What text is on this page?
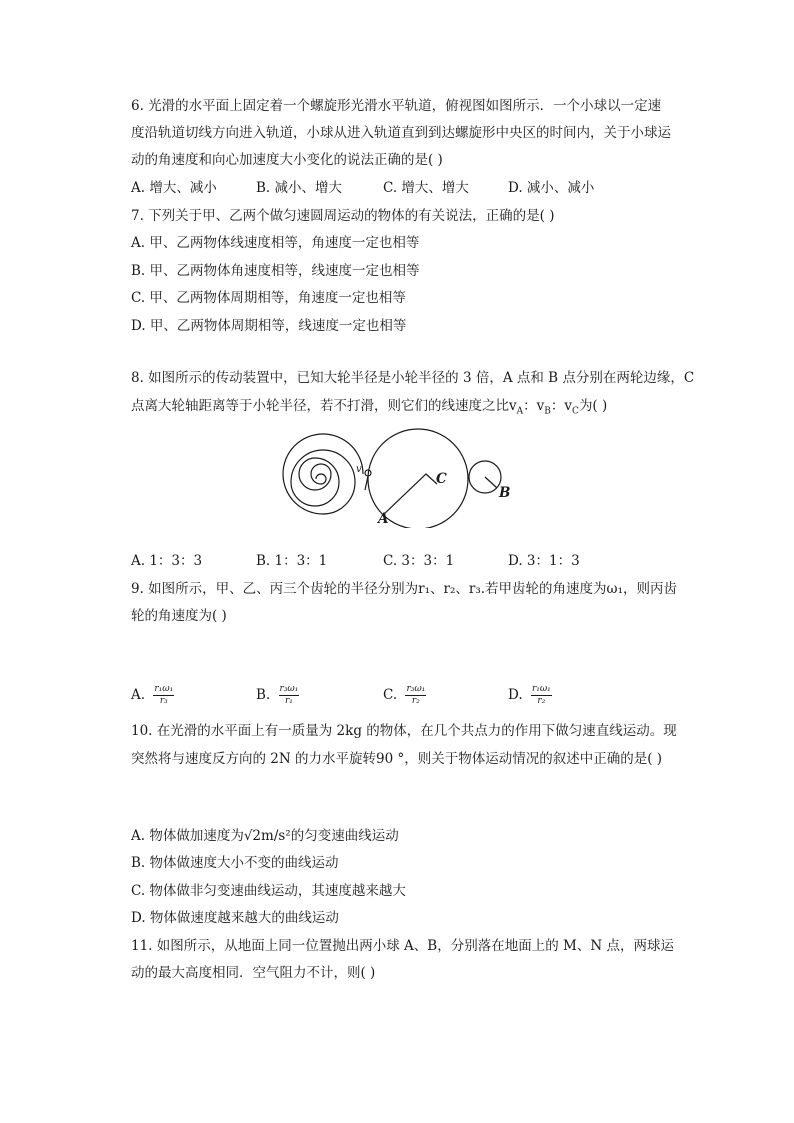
6. 光滑的水平面上固定着一个螺旋形光滑水平轨道，俯视图如图所示．一个小球以一定速
度沿轨道切线方向进入轨道，小球从进入轨道直到到达螺旋形中央区的时间内，关于小球运
动的角速度和向心加速度大小变化的说法正确的是( )
A. 增大、减小	B. 减小、增大	C. 增大、增大	D. 减小、减小
7. 下列关于甲、乙两个做匀速圆周运动的物体的有关说法，正确的是( )
A. 甲、乙两物体线速度相等，角速度一定也相等
B. 甲、乙两物体角速度相等，线速度一定也相等
C. 甲、乙两物体周期相等，角速度一定也相等
D. 甲、乙两物体周期相等，线速度一定也相等
8. 如图所示的传动装置中，已知大轮半径是小轮半径的 3 倍，A 点和 B 点分别在两轮边缘，C
点离大轮轴距离等于小轮半径，若不打滑，则它们的线速度之比$v_A$：$v_B$：$v_C$为( )
v
C
A
B
A. 1：3：3	B. 1：3：1	C. 3：3：1	D. 3：1：3
9. 如图所示，甲、乙、丙三个齿轮的半径分别为r₁、r₂、r₃.若甲齿轮的角速度为ω₁，则丙齿
轮的角速度为( )
A. $\frac{\text{r₁ω₁}}{\text{r₃}}$	B. $\frac{\text{r₃ω₁}}{\text{r₁}}$	C. $\frac{\text{r₃ω₁}}{\text{r₂}}$	D. $\frac{\text{r₁ω₁}}{\text{r₂}}$
10. 在光滑的水平面上有一质量为 2kg 的物体，在几个共点力的作用下做匀速直线运动。现
突然将与速度反方向的 2N 的力水平旋转90 °，则关于物体运动情况的叙述中正确的是( )
A. 物体做加速度为√2m/s²的匀变速曲线运动
B. 物体做速度大小不变的曲线运动
C. 物体做非匀变速曲线运动，其速度越来越大
D. 物体做速度越来越大的曲线运动
11. 如图所示，从地面上同一位置抛出两小球 A、B，分别落在地面上的 M、N 点，两球运
动的最大高度相同．空气阻力不计，则( )
